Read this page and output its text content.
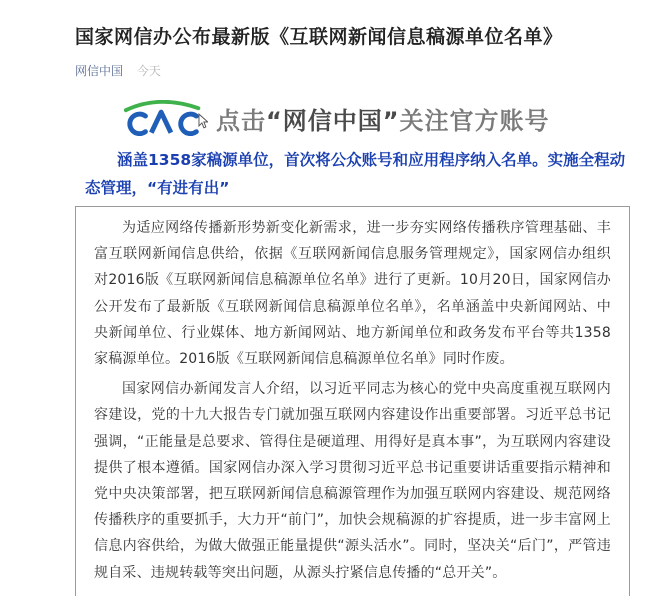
国家网信办公布最新版《互联网新闻信息稿源单位名单》
网信中国 今天
点击“网信中国”关注官方账号
涵盖1358家稿源单位，首次将公众账号和应用程序纳入名单。实施全程动态管理，“有进有出”

为适应网络传播新形势新变化新需求，进一步夯实网络传播秩序管理基础、丰富互联网新闻信息供给，依据《互联网新闻信息服务管理规定》，国家网信办组织对2016版《互联网新闻信息稿源单位名单》进行了更新。10月20日，国家网信办公开发布了最新版《互联网新闻信息稿源单位名单》，名单涵盖中央新闻网站、中央新闻单位、行业媒体、地方新闻网站、地方新闻单位和政务发布平台等共1358家稿源单位。2016版《互联网新闻信息稿源单位名单》同时作废。

国家网信办新闻发言人介绍，以习近平同志为核心的党中央高度重视互联网内容建设，党的十九大报告专门就加强互联网内容建设作出重要部署。习近平总书记强调，“正能量是总要求、管得住是硬道理、用得好是真本事”，为互联网内容建设提供了根本遵循。国家网信办深入学习贯彻习近平总书记重要讲话重要指示精神和党中央决策部署，把互联网新闻信息稿源管理作为加强互联网内容建设、规范网络传播秩序的重要抓手，大力开“前门”，加快会规稿源的扩容提质，进一步丰富网上信息内容供给，为做大做强正能量提供“源头活水”。同时，坚决关“后门”，严管违规自采、违规转载等突出问题，从源头拧紧信息传播的“总开关”。
